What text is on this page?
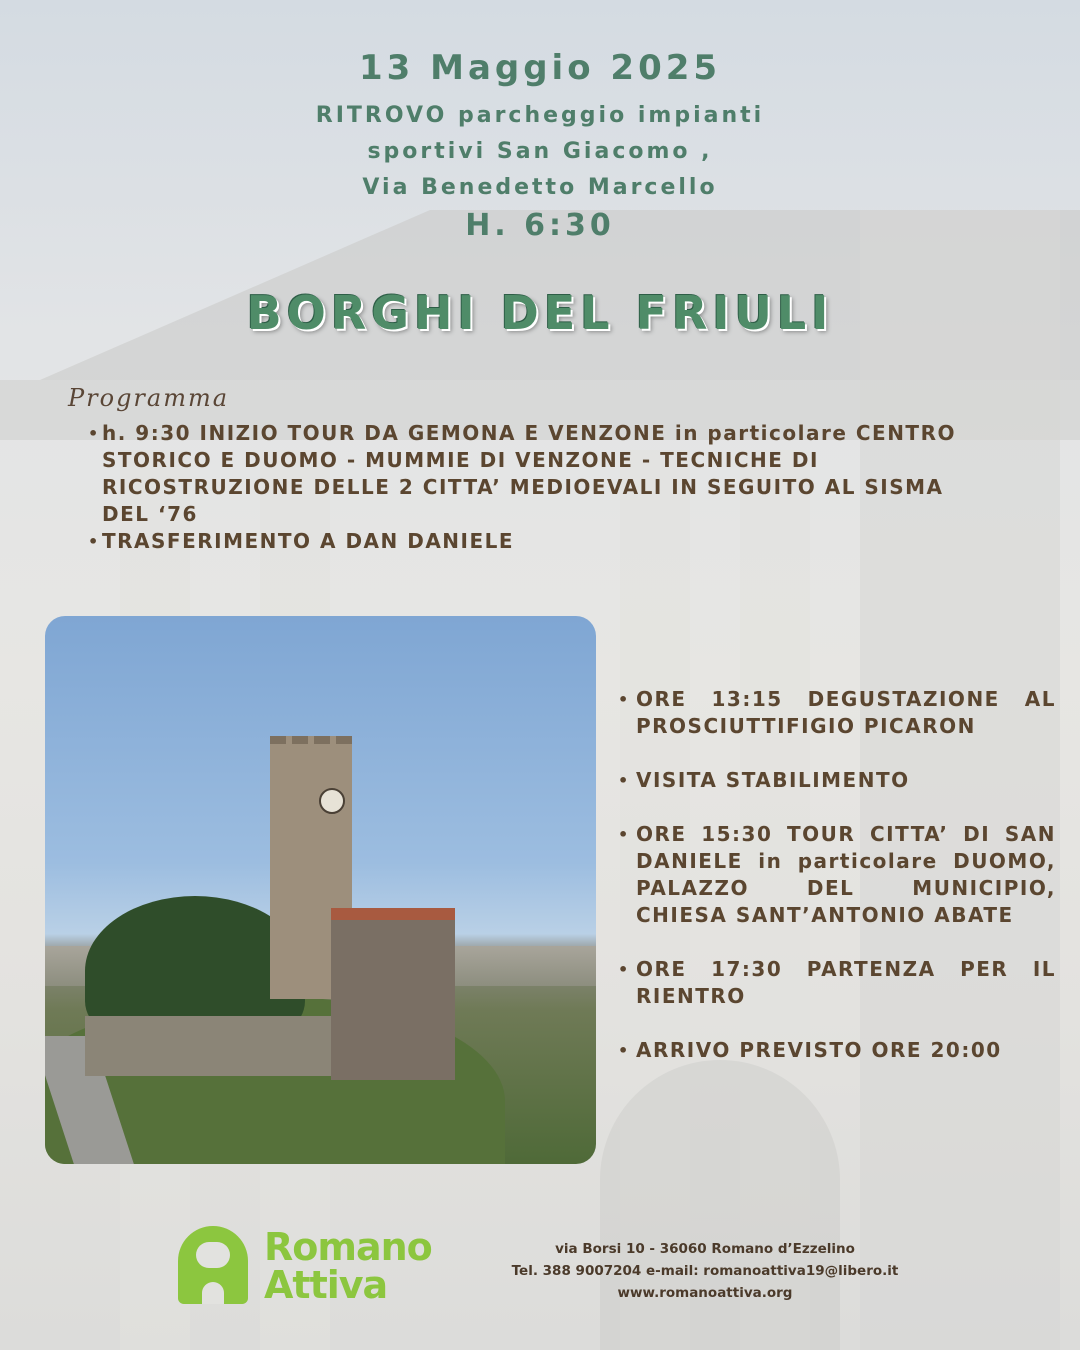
13 Maggio 2025
RITROVO parcheggio impianti
sportivi San Giacomo ,
Via Benedetto Marcello
H. 6:30
BORGHI DEL FRIULI
Programma
• h. 9:30 INIZIO TOUR DA GEMONA E VENZONE in particolare CENTRO STORICO E DUOMO - MUMMIE DI VENZONE - TECNICHE DI RICOSTRUZIONE DELLE 2 CITTA’ MEDIOEVALI IN SEGUITO AL SISMA DEL ‘76
• TRASFERIMENTO A DAN DANIELE
• ORE 13:15 DEGUSTAZIONE AL PROSCIUTTIFIGIO PICARON
• VISITA STABILIMENTO
• ORE 15:30 TOUR CITTA’ DI SAN DANIELE in particolare DUOMO, PALAZZO DEL MUNICIPIO, CHIESA SANT’ANTONIO ABATE
• ORE 17:30 PARTENZA PER IL RIENTRO
• ARRIVO PREVISTO ORE 20:00
Romano
Attiva
via Borsi 10 - 36060 Romano d’Ezzelino
Tel. 388 9007204 e-mail: romanoattiva19@libero.it
www.romanoattiva.org
